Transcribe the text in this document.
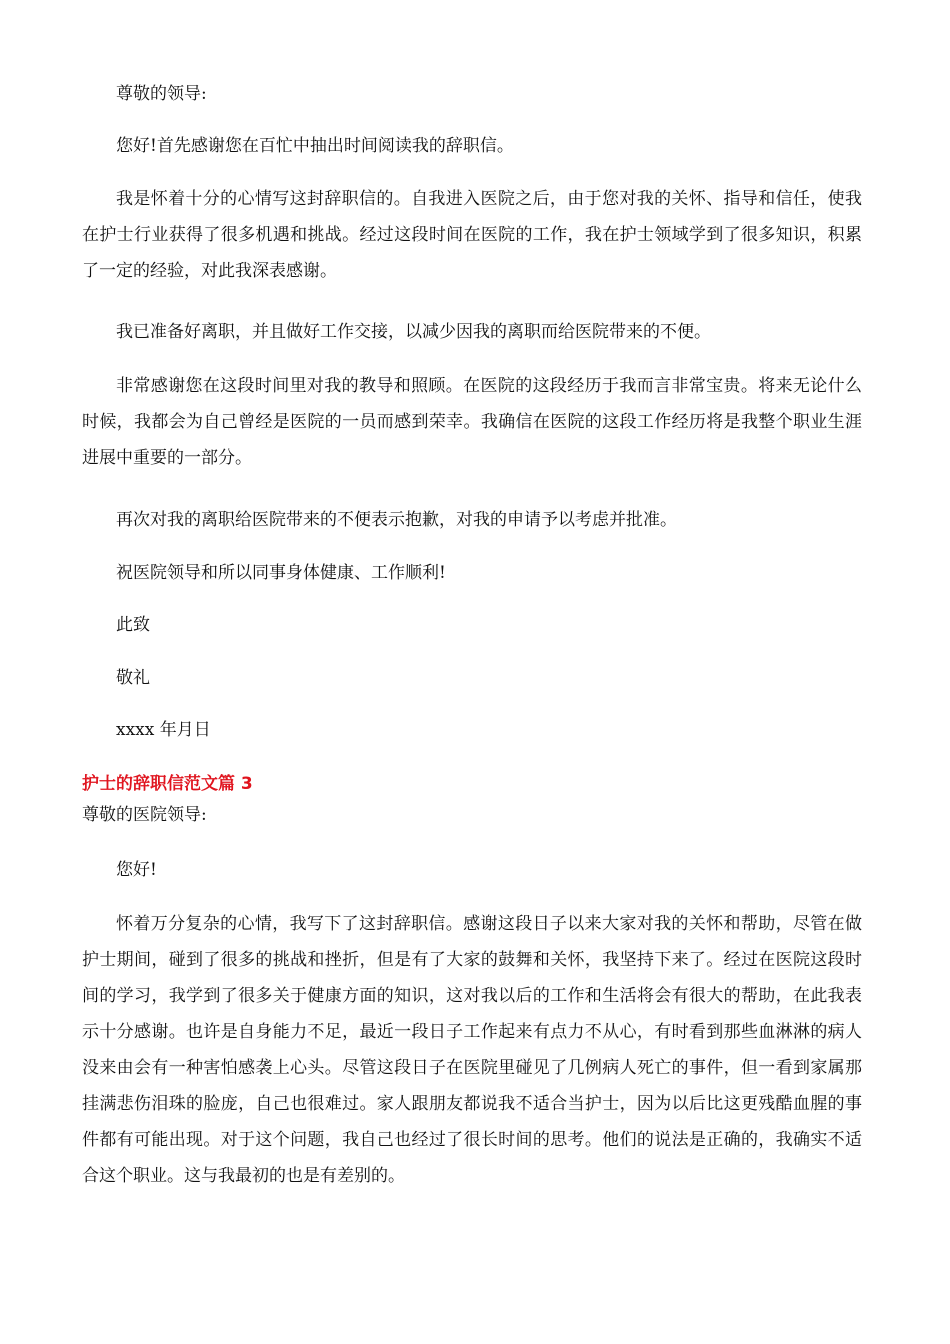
尊敬的领导:

您好!首先感谢您在百忙中抽出时间阅读我的辞职信。

我是怀着十分的心情写这封辞职信的。自我进入医院之后，由于您对我的关怀、指导和信任，使我在护士行业获得了很多机遇和挑战。经过这段时间在医院的工作，我在护士领域学到了很多知识，积累了一定的经验，对此我深表感谢。

我已准备好离职，并且做好工作交接，以减少因我的离职而给医院带来的不便。

非常感谢您在这段时间里对我的教导和照顾。在医院的这段经历于我而言非常宝贵。将来无论什么时候，我都会为自己曾经是医院的一员而感到荣幸。我确信在医院的这段工作经历将是我整个职业生涯进展中重要的一部分。

再次对我的离职给医院带来的不便表示抱歉，对我的申请予以考虑并批准。

祝医院领导和所以同事身体健康、工作顺利!

此致

敬礼

xxxx 年月日

护士的辞职信范文篇 3

尊敬的医院领导:

您好!

怀着万分复杂的心情，我写下了这封辞职信。感谢这段日子以来大家对我的关怀和帮助，尽管在做护士期间，碰到了很多的挑战和挫折，但是有了大家的鼓舞和关怀，我坚持下来了。经过在医院这段时间的学习，我学到了很多关于健康方面的知识，这对我以后的工作和生活将会有很大的帮助，在此我表示十分感谢。也许是自身能力不足，最近一段日子工作起来有点力不从心，有时看到那些血淋淋的病人没来由会有一种害怕感袭上心头。尽管这段日子在医院里碰见了几例病人死亡的事件，但一看到家属那挂满悲伤泪珠的脸庞，自己也很难过。家人跟朋友都说我不适合当护士，因为以后比这更残酷血腥的事件都有可能出现。对于这个问题，我自己也经过了很长时间的思考。他们的说法是正确的，我确实不适合这个职业。这与我最初的也是有差别的。
